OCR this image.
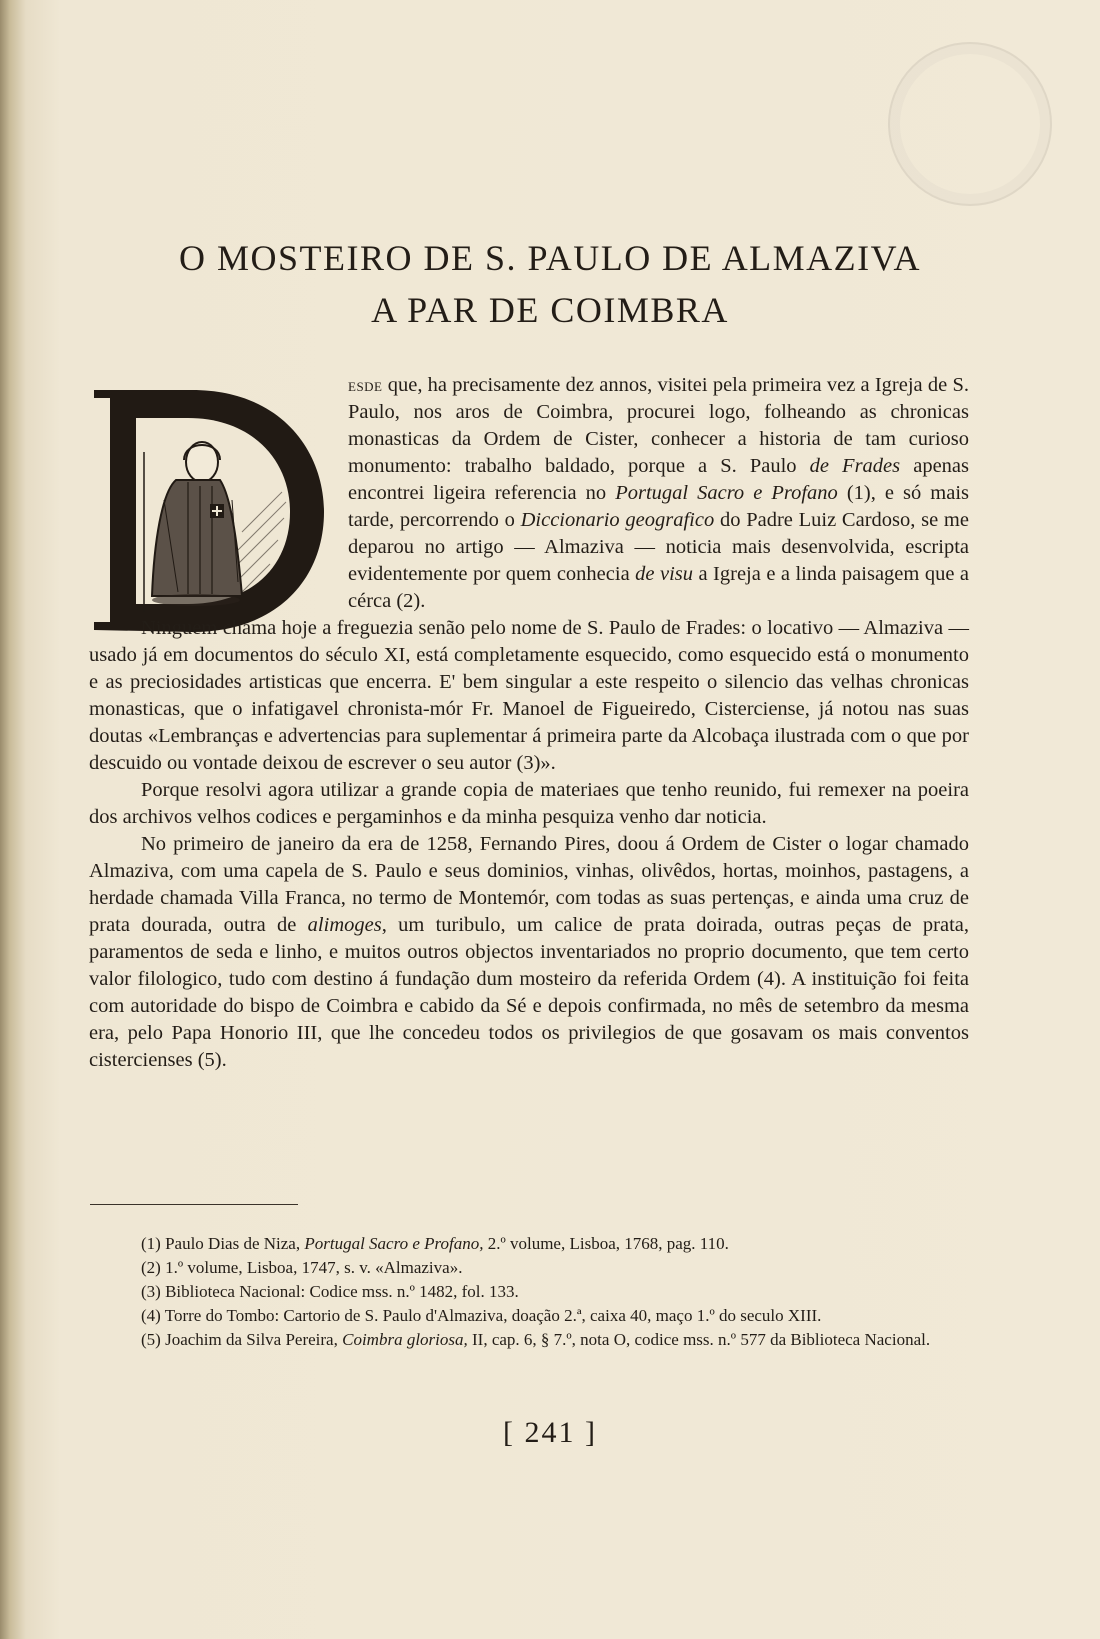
O MOSTEIRO DE S. PAULO DE ALMAZIVA
A PAR DE COIMBRA

esde que, ha precisamente dez annos, visitei pela primeira vez a Igreja de S. Paulo, nos aros de Coimbra, procurei logo, folheando as chronicas monasticas da Ordem de Cister, conhecer a historia de tam curioso monumento: trabalho baldado, porque a S. Paulo de Frades apenas encontrei ligeira referencia no Portugal Sacro e Profano (1), e só mais tarde, percorrendo o Diccionario geografico do Padre Luiz Cardoso, se me deparou no artigo — Almaziva — noticia mais desenvolvida, escripta evidentemente por quem conhecia de visu a Igreja e a linda paisagem que a cérca (2).

Ninguem chama hoje a freguezia senão pelo nome de S. Paulo de Frades: o locativo — Almaziva — usado já em documentos do século XI, está completamente esquecido, como esquecido está o monumento e as preciosidades artisticas que encerra. E' bem singular a este respeito o silencio das velhas chronicas monasticas, que o infatigavel chronista-mór Fr. Manoel de Figueiredo, Cisterciense, já notou nas suas doutas «Lembranças e advertencias para suplementar á primeira parte da Alcobaça ilustrada com o que por descuido ou vontade deixou de escrever o seu autor (3)».

Porque resolvi agora utilizar a grande copia de materiaes que tenho reunido, fui remexer na poeira dos archivos velhos codices e pergaminhos e da minha pesquiza venho dar noticia.

No primeiro de janeiro da era de 1258, Fernando Pires, doou á Ordem de Cister o logar chamado Almaziva, com uma capela de S. Paulo e seus dominios, vinhas, olivêdos, hortas, moinhos, pastagens, a herdade chamada Villa Franca, no termo de Montemór, com todas as suas pertenças, e ainda uma cruz de prata dourada, outra de alimoges, um turibulo, um calice de prata doirada, outras peças de prata, paramentos de seda e linho, e muitos outros objectos inventariados no proprio documento, que tem certo valor filologico, tudo com destino á fundação dum mosteiro da referida Ordem (4). A instituição foi feita com autoridade do bispo de Coimbra e cabido da Sé e depois confirmada, no mês de setembro da mesma era, pelo Papa Honorio III, que lhe concedeu todos os privilegios de que gosavam os mais conventos cistercienses (5).

(1) Paulo Dias de Niza, Portugal Sacro e Profano, 2.º volume, Lisboa, 1768, pag. 110.

(2) 1.º volume, Lisboa, 1747, s. v. «Almaziva».

(3) Biblioteca Nacional: Codice mss. n.º 1482, fol. 133.

(4) Torre do Tombo: Cartorio de S. Paulo d'Almaziva, doação 2.ª, caixa 40, maço 1.º do seculo XIII.

(5) Joachim da Silva Pereira, Coimbra gloriosa, II, cap. 6, § 7.º, nota O, codice mss. n.º 577 da Biblioteca Nacional.

[ 241 ]
